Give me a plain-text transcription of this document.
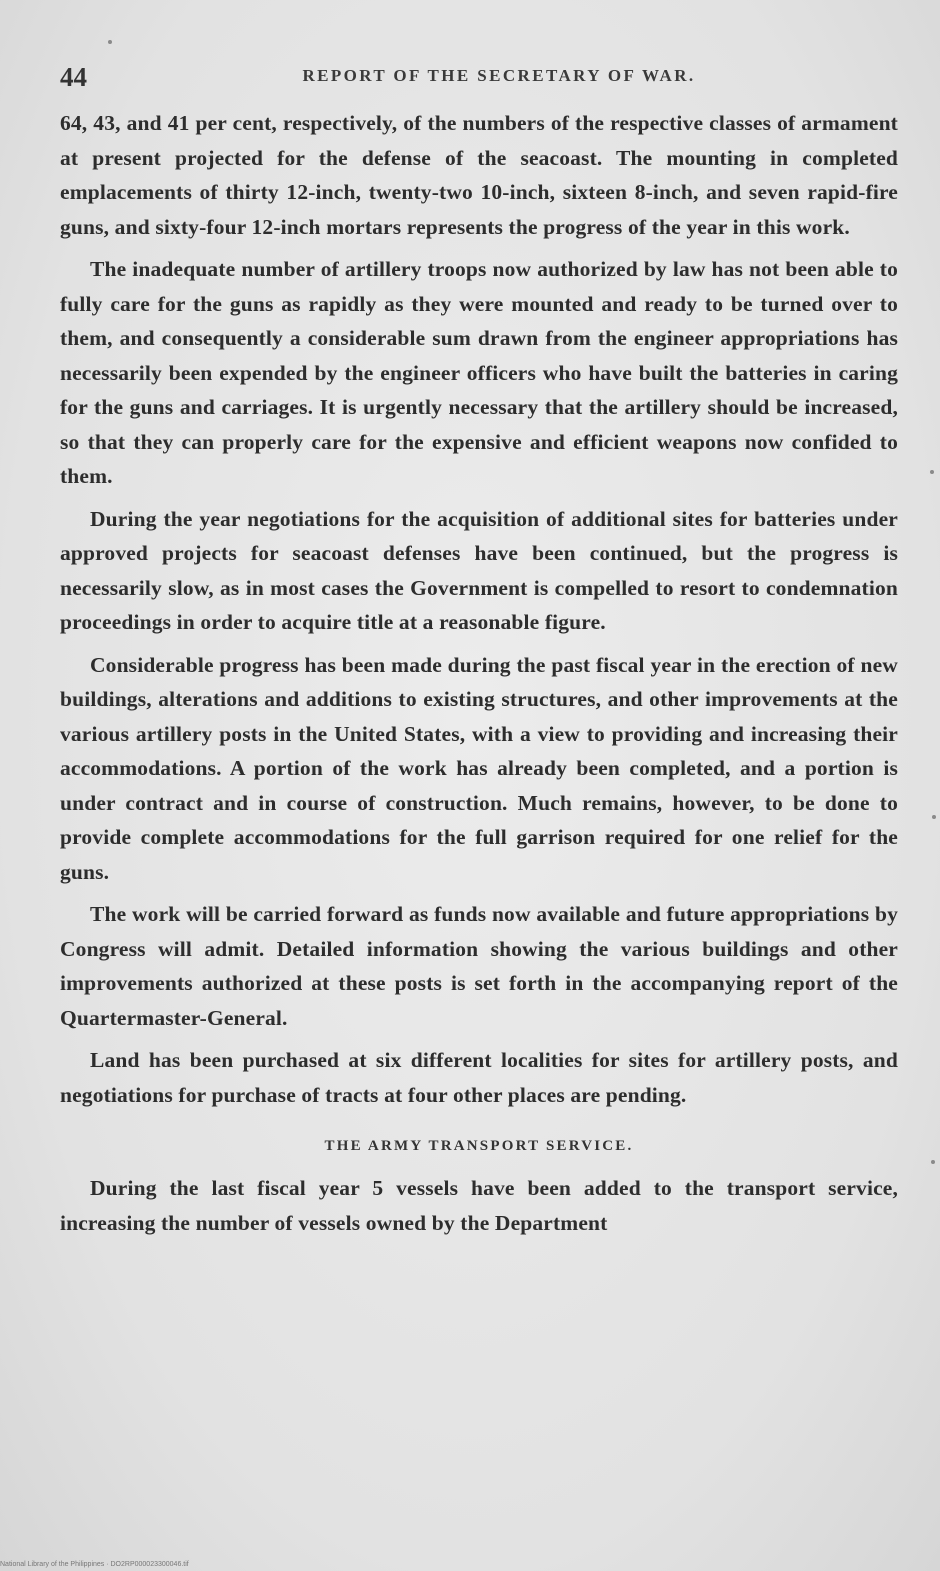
44	REPORT OF THE SECRETARY OF WAR.

64, 43, and 41 per cent, respectively, of the numbers of the respective classes of armament at present projected for the defense of the seacoast. The mounting in completed emplacements of thirty 12-inch, twenty-two 10-inch, sixteen 8-inch, and seven rapid-fire guns, and sixty-four 12-inch mortars represents the progress of the year in this work.

The inadequate number of artillery troops now authorized by law has not been able to fully care for the guns as rapidly as they were mounted and ready to be turned over to them, and consequently a considerable sum drawn from the engineer appropriations has necessarily been expended by the engineer officers who have built the batteries in caring for the guns and carriages. It is urgently necessary that the artillery should be increased, so that they can properly care for the expensive and efficient weapons now confided to them.

During the year negotiations for the acquisition of additional sites for batteries under approved projects for seacoast defenses have been continued, but the progress is necessarily slow, as in most cases the Government is compelled to resort to condemnation proceedings in order to acquire title at a reasonable figure.

Considerable progress has been made during the past fiscal year in the erection of new buildings, alterations and additions to existing structures, and other improvements at the various artillery posts in the United States, with a view to providing and increasing their accommodations. A portion of the work has already been completed, and a portion is under contract and in course of construction. Much remains, however, to be done to provide complete accommodations for the full garrison required for one relief for the guns.

The work will be carried forward as funds now available and future appropriations by Congress will admit. Detailed information showing the various buildings and other improvements authorized at these posts is set forth in the accompanying report of the Quartermaster-General.

Land has been purchased at six different localities for sites for artillery posts, and negotiations for purchase of tracts at four other places are pending.

THE ARMY TRANSPORT SERVICE.

During the last fiscal year 5 vessels have been added to the transport service, increasing the number of vessels owned by the Department

National Library of the Philippines · DO2RP000023300046.tif
